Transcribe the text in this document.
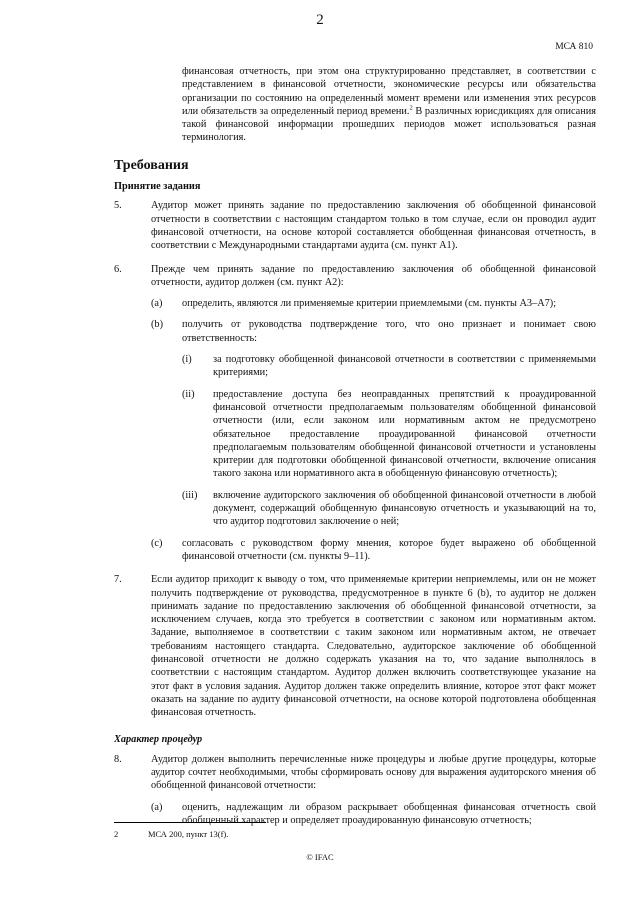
2
МСА 810

финансовая отчетность, при этом она структурированно представляет, в соответствии с представлением в финансовой отчетности, экономические ресурсы или обязательства организации по состоянию на определенный момент времени или изменения этих ресурсов или обязательств за определенный период времени.$^2$ В различных юрисдикциях для описания такой финансовой информации прошедших периодов может использоваться разная терминология.

Требования
Принятие задания
5.	Аудитор может принять задание по предоставлению заключения об обобщенной финансовой отчетности в соответствии с настоящим стандартом только в том случае, если он проводил аудит финансовой отчетности, на основе которой составляется обобщенная финансовая отчетность, в соответствии с Международными стандартами аудита (см. пункт A1).

6.	Прежде чем принять задание по предоставлению заключения об обобщенной финансовой отчетности, аудитор должен (см. пункт A2):

(a)	определить, являются ли применяемые критерии приемлемыми (см. пункты A3–A7);

(b)	получить от руководства подтверждение того, что оно признает и понимает свою ответственность:

(i)	за подготовку обобщенной финансовой отчетности в соответствии с применяемыми критериями;

(ii)	предоставление доступа без неоправданных препятствий к проаудированной финансовой отчетности предполагаемым пользователям обобщенной финансовой отчетности (или, если законом или нормативным актом не предусмотрено обязательное предоставление проаудированной финансовой отчетности предполагаемым пользователям обобщенной финансовой отчетности и установлены критерии для подготовки обобщенной финансовой отчетности, включение описания такого закона или нормативного акта в обобщенную финансовую отчетность);

(iii)	включение аудиторского заключения об обобщенной финансовой отчетности в любой документ, содержащий обобщенную финансовую отчетность и указывающий на то, что аудитор подготовил заключение о ней;

(c)	согласовать с руководством форму мнения, которое будет выражено об обобщенной финансовой отчетности (см. пункты 9–11).

7.	Если аудитор приходит к выводу о том, что применяемые критерии неприемлемы, или он не может получить подтверждение от руководства, предусмотренное в пункте 6 (b), то аудитор не должен принимать задание по предоставлению заключения об обобщенной финансовой отчетности, за исключением случаев, когда это требуется в соответствии с законом или нормативным актом. Задание, выполняемое в соответствии с таким законом или нормативным актом, не отвечает требованиям настоящего стандарта. Следовательно, аудиторское заключение об обобщенной финансовой отчетности не должно содержать указания на то, что задание выполнялось в соответствии с настоящим стандартом. Аудитор должен включить соответствующее указание на этот факт в условия задания. Аудитор должен также определить влияние, которое этот факт может оказать на задание по аудиту финансовой отчетности, на основе которой подготовлена обобщенная финансовая отчетность.

Характер процедур
8.	Аудитор должен выполнить перечисленные ниже процедуры и любые другие процедуры, которые аудитор сочтет необходимыми, чтобы сформировать основу для выражения аудиторского мнения об обобщенной финансовой отчетности:

(a)	оценить, надлежащим ли образом раскрывает обобщенная финансовая отчетность свой обобщенный характер и определяет проаудированную финансовую отчетность;

2	МСА 200, пункт 13(f).
© IFAC
